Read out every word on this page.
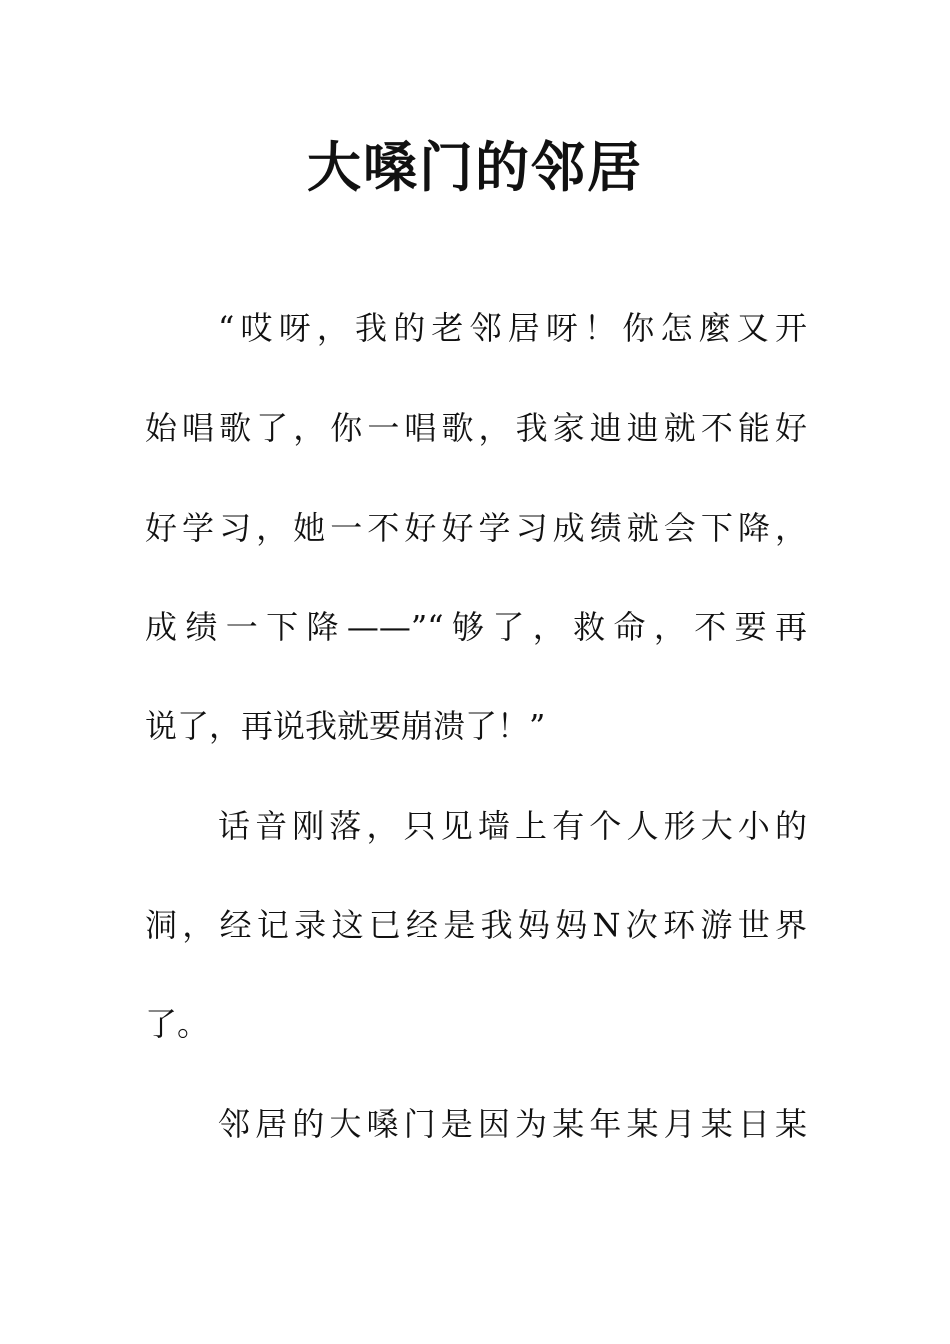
大嗓门的邻居

“哎呀，我的老邻居呀！你怎麼又开

始唱歌了，你一唱歌，我家迪迪就不能好

好学习，她一不好好学习成绩就会下降，

成绩一下降——”“够了，救命，不要再

说了，再说我就要崩溃了！”

话音刚落，只见墙上有个人形大小的

洞，经记录这已经是我妈妈N次环游世界

了。

邻居的大嗓门是因为某年某月某日某
